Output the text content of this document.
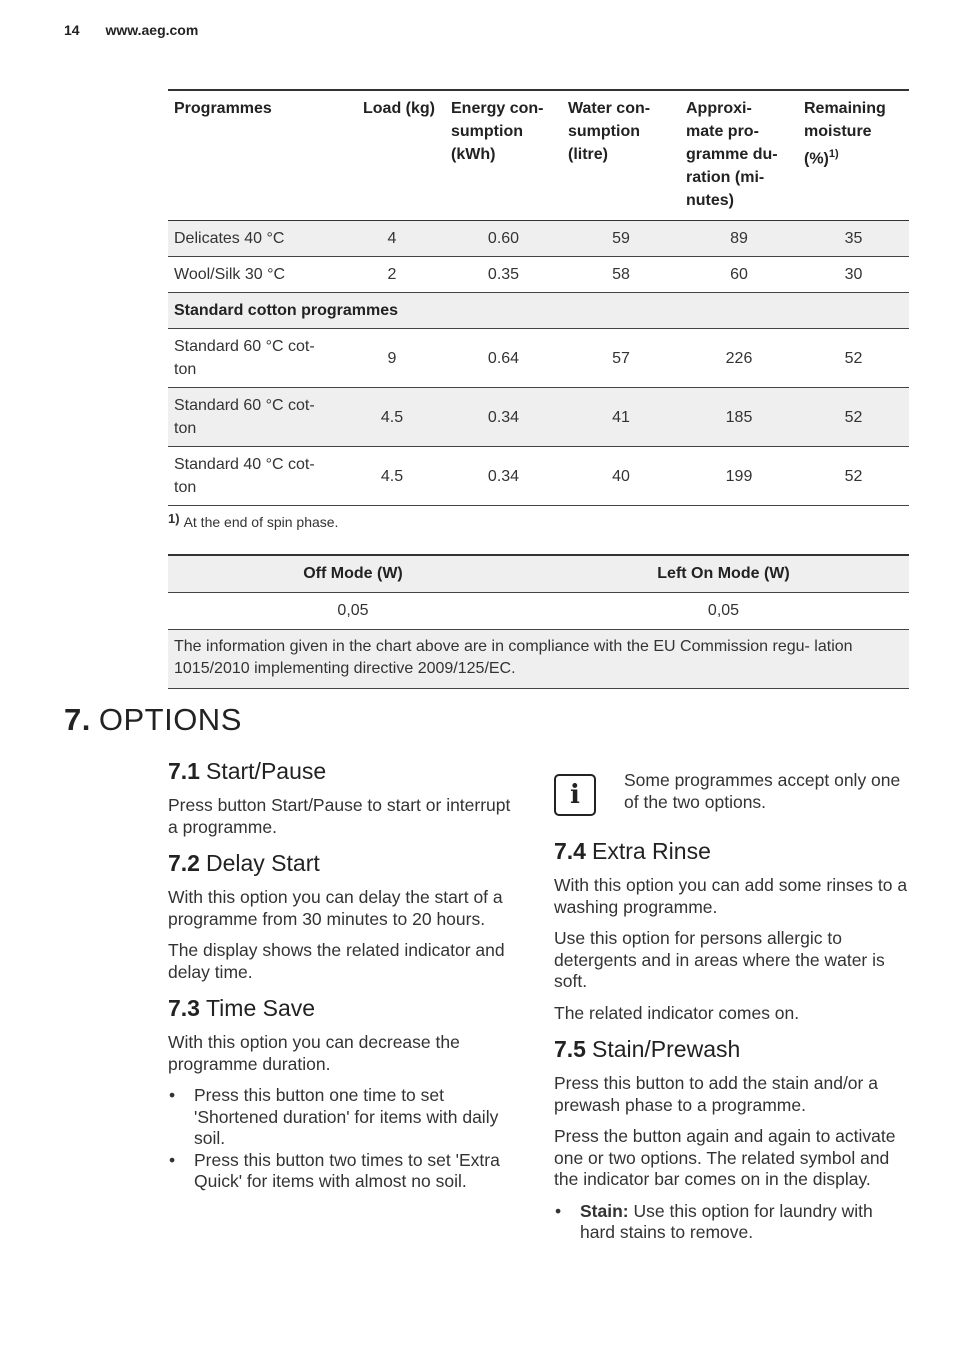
14 www.aeg.com
Programmes	Load (kg)	Energy con- sumption (kWh)	Water con- sumption (litre)	Approxi- mate pro- gramme du- ration (mi- nutes)	Remaining moisture (%)$^{1)}$
Delicates 40 °C	4	0.60	59	89	35
Wool/Silk 30 °C	2	0.35	58	60	30
Standard cotton programmes					
Standard 60 °C cot- ton	9	0.64	57	226	52
Standard 60 °C cot- ton	4.5	0.34	41	185	52
Standard 40 °C cot- ton	4.5	0.34	40	199	52
1) At the end of spin phase.
Off Mode (W)	Left On Mode (W)
0,05	0,05
The information given in the chart above are in compliance with the EU Commission regu- lation 1015/2010 implementing directive 2009/125/EC.	
7. OPTIONS
7.1 Start/Pause

Press button Start/Pause to start or interrupt a programme.

7.2 Delay Start

With this option you can delay the start of a programme from 30 minutes to 20 hours.

The display shows the related indicator and delay time.

7.3 Time Save

With this option you can decrease the programme duration.

• Press this button one time to set 'Shortened duration' for items with daily soil.
• Press this button two times to set 'Extra Quick' for items with almost no soil.
i	Some programmes accept only one of the two options.

7.4 Extra Rinse

With this option you can add some rinses to a washing programme.

Use this option for persons allergic to detergents and in areas where the water is soft.

The related indicator comes on.

7.5 Stain/Prewash

Press this button to add the stain and/or a prewash phase to a programme.

Press the button again and again to activate one or two options. The related symbol and the indicator bar comes on in the display.

• Stain: Use this option for laundry with hard stains to remove.
